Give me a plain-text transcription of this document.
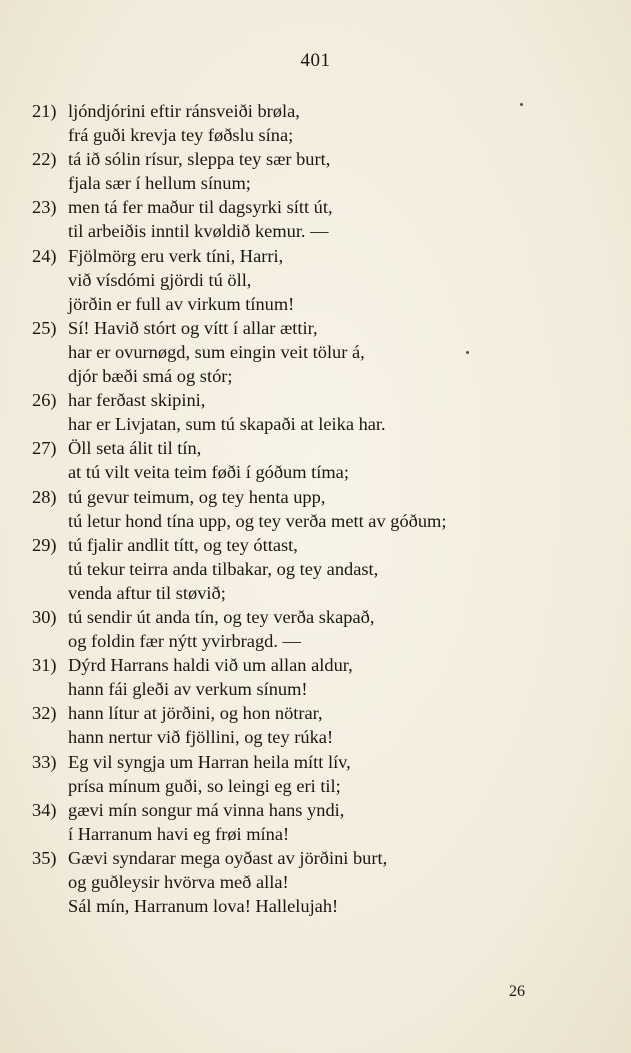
401
21) ljóndjórini eftir ránsveiði brøla,
frá guði krevja tey føðslu sína;
22) tá ið sólin rísur, sleppa tey sær burt,
fjala sær í hellum sínum;
23) men tá fer maður til dagsyrki sítt út,
til arbeiðis inntil kvøldið kemur. —
24) Fjölmörg eru verk tíni, Harri,
við vísdómi gjördi tú öll,
jörðin er full av virkum tínum!
25) Sí! Havið stórt og vítt í allar ættir,
har er ovurnøgd, sum eingin veit tölur á,
djór bæði smá og stór;
26) har ferðast skipini,
har er Livjatan, sum tú skapaði at leika har.
27) Öll seta álit til tín,
at tú vilt veita teim føði í góðum tíma;
28) tú gevur teimum, og tey henta upp,
tú letur hond tína upp, og tey verða mett av góðum;
29) tú fjalir andlit títt, og tey óttast,
tú tekur teirra anda tilbakar, og tey andast,
venda aftur til støvið;
30) tú sendir út anda tín, og tey verða skapað,
og foldin fær nýtt yvirbragd. —
31) Dýrd Harrans haldi við um allan aldur,
hann fái gleði av verkum sínum!
32) hann lítur at jörðini, og hon nötrar,
hann nertur við fjöllini, og tey rúka!
33) Eg vil syngja um Harran heila mítt lív,
prísa mínum guði, so leingi eg eri til;
34) gævi mín songur má vinna hans yndi,
í Harranum havi eg frøi mína!
35) Gævi syndarar mega oyðast av jörðini burt,
og guðleysir hvörva með alla!
Sál mín, Harranum lova! Hallelujah!
26
